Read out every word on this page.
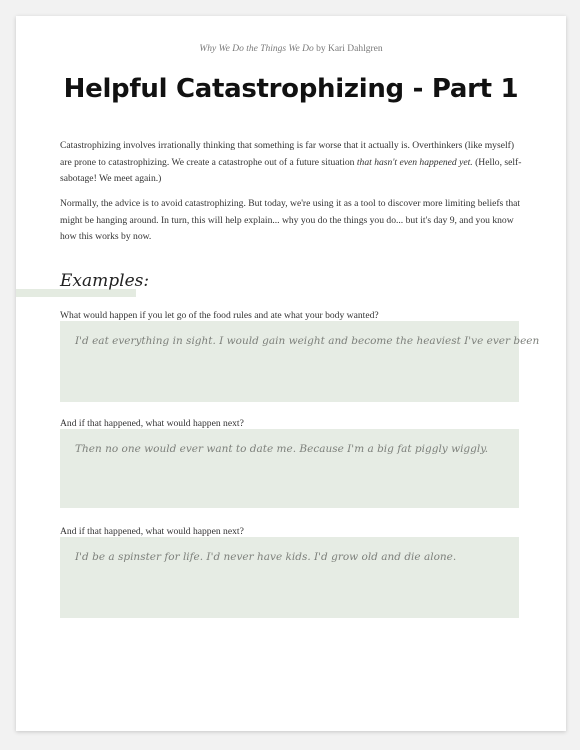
Why We Do the Things We Do by Kari Dahlgren
Helpful Catastrophizing - Part 1

Catastrophizing involves irrationally thinking that something is far worse that it actually is. Overthinkers (like myself) are prone to catastrophizing. We create a catastrophe out of a future situation that hasn't even happened yet. (Hello, self-sabotage! We meet again.)

Normally, the advice is to avoid catastrophizing. But today, we're using it as a tool to discover more limiting beliefs that might be hanging around. In turn, this will help explain... why you do the things you do... but it's day 9, and you know how this works by now.

Examples:
What would happen if you let go of the food rules and ate what your body wanted?
I'd eat everything in sight. I would gain weight and become the heaviest I've ever been
And if that happened, what would happen next?
Then no one would ever want to date me. Because I'm a big fat piggly wiggly.
And if that happened, what would happen next?
I'd be a spinster for life. I'd never have kids. I'd grow old and die alone.
